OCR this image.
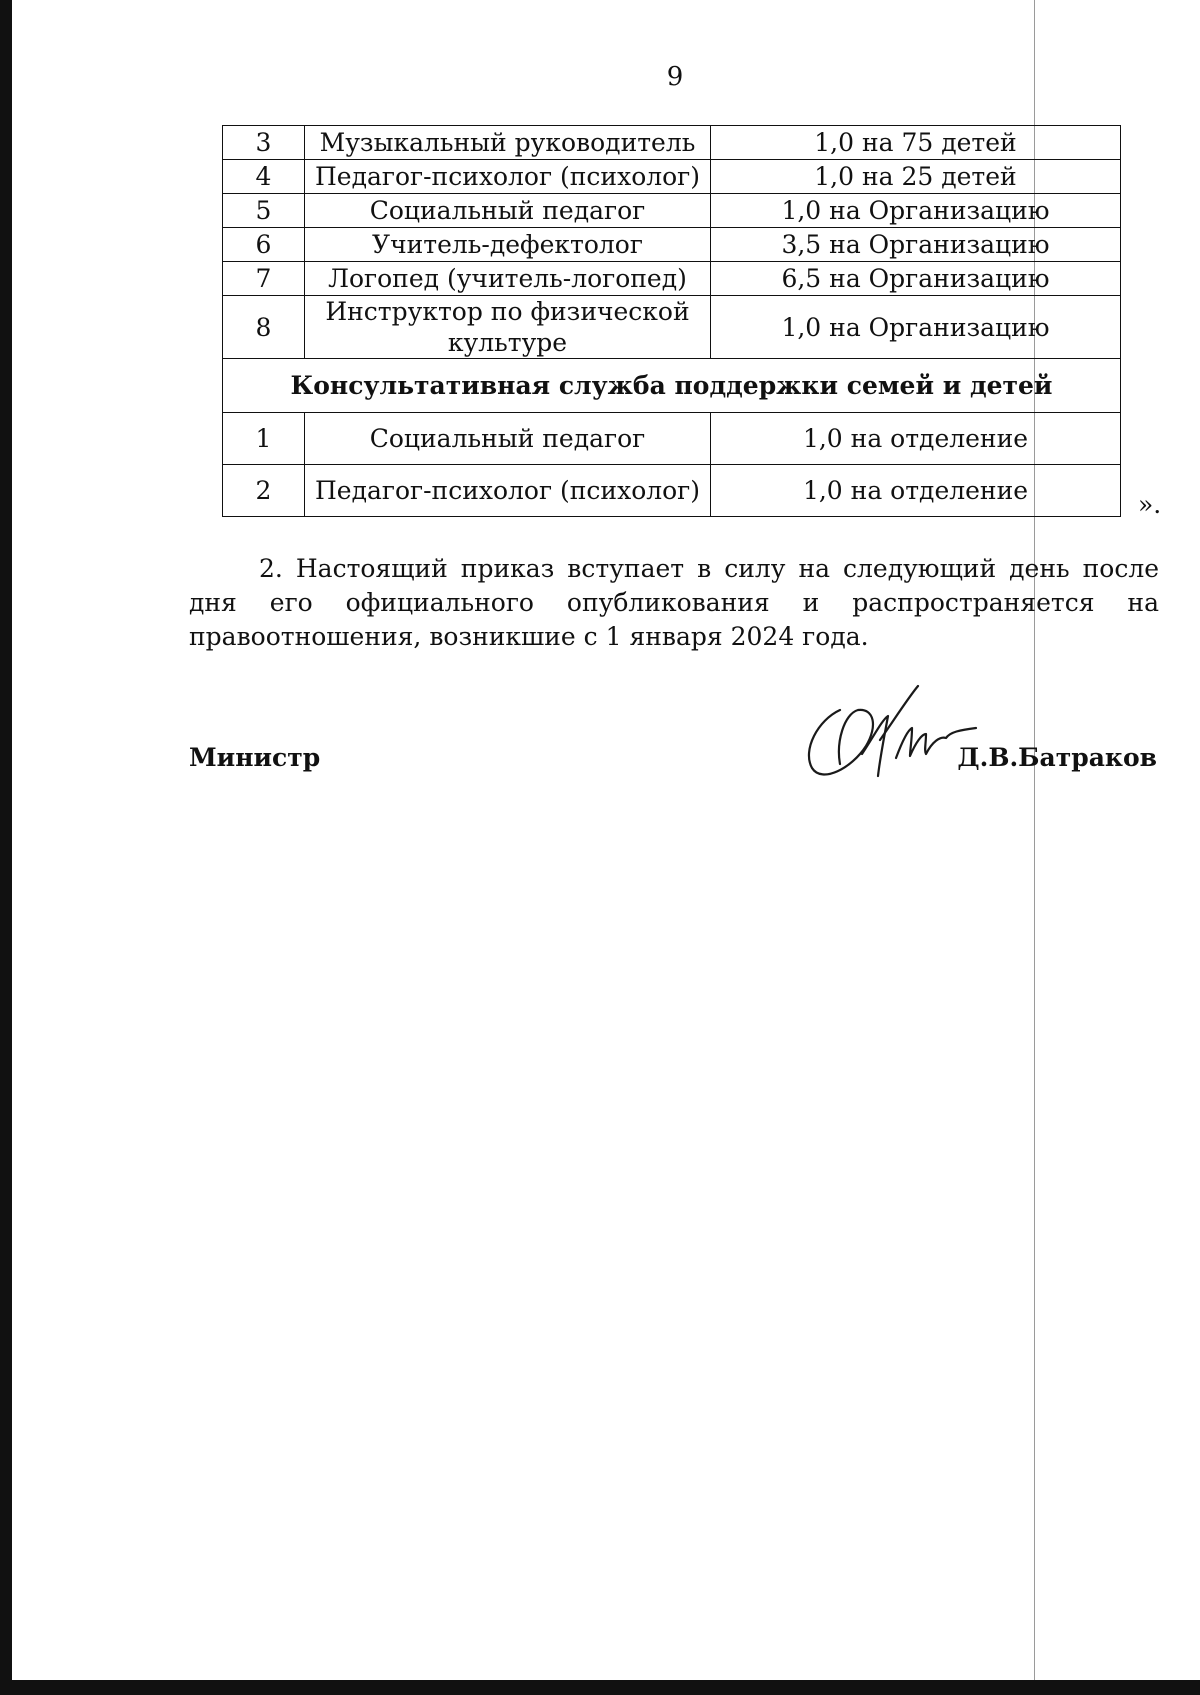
9
3	Музыкальный руководитель	1,0 на 75 детей
4	Педагог-психолог (психолог)	1,0 на 25 детей
5	Социальный педагог	1,0 на Организацию
6	Учитель-дефектолог	3,5 на Организацию
7	Логопед (учитель-логопед)	6,5 на Организацию
8	Инструктор по физической культуре	1,0 на Организацию
Консультативная служба поддержки семей и детей		
1	Социальный педагог	1,0 на отделение
2	Педагог-психолог (психолог)	1,0 на отделение	».
2. Настоящий приказ вступает в силу на следующий день после дня его официального опубликования и распространяется на правоотношения, возникшие с 1 января 2024 года.
Министр	Д.В.Батраков
